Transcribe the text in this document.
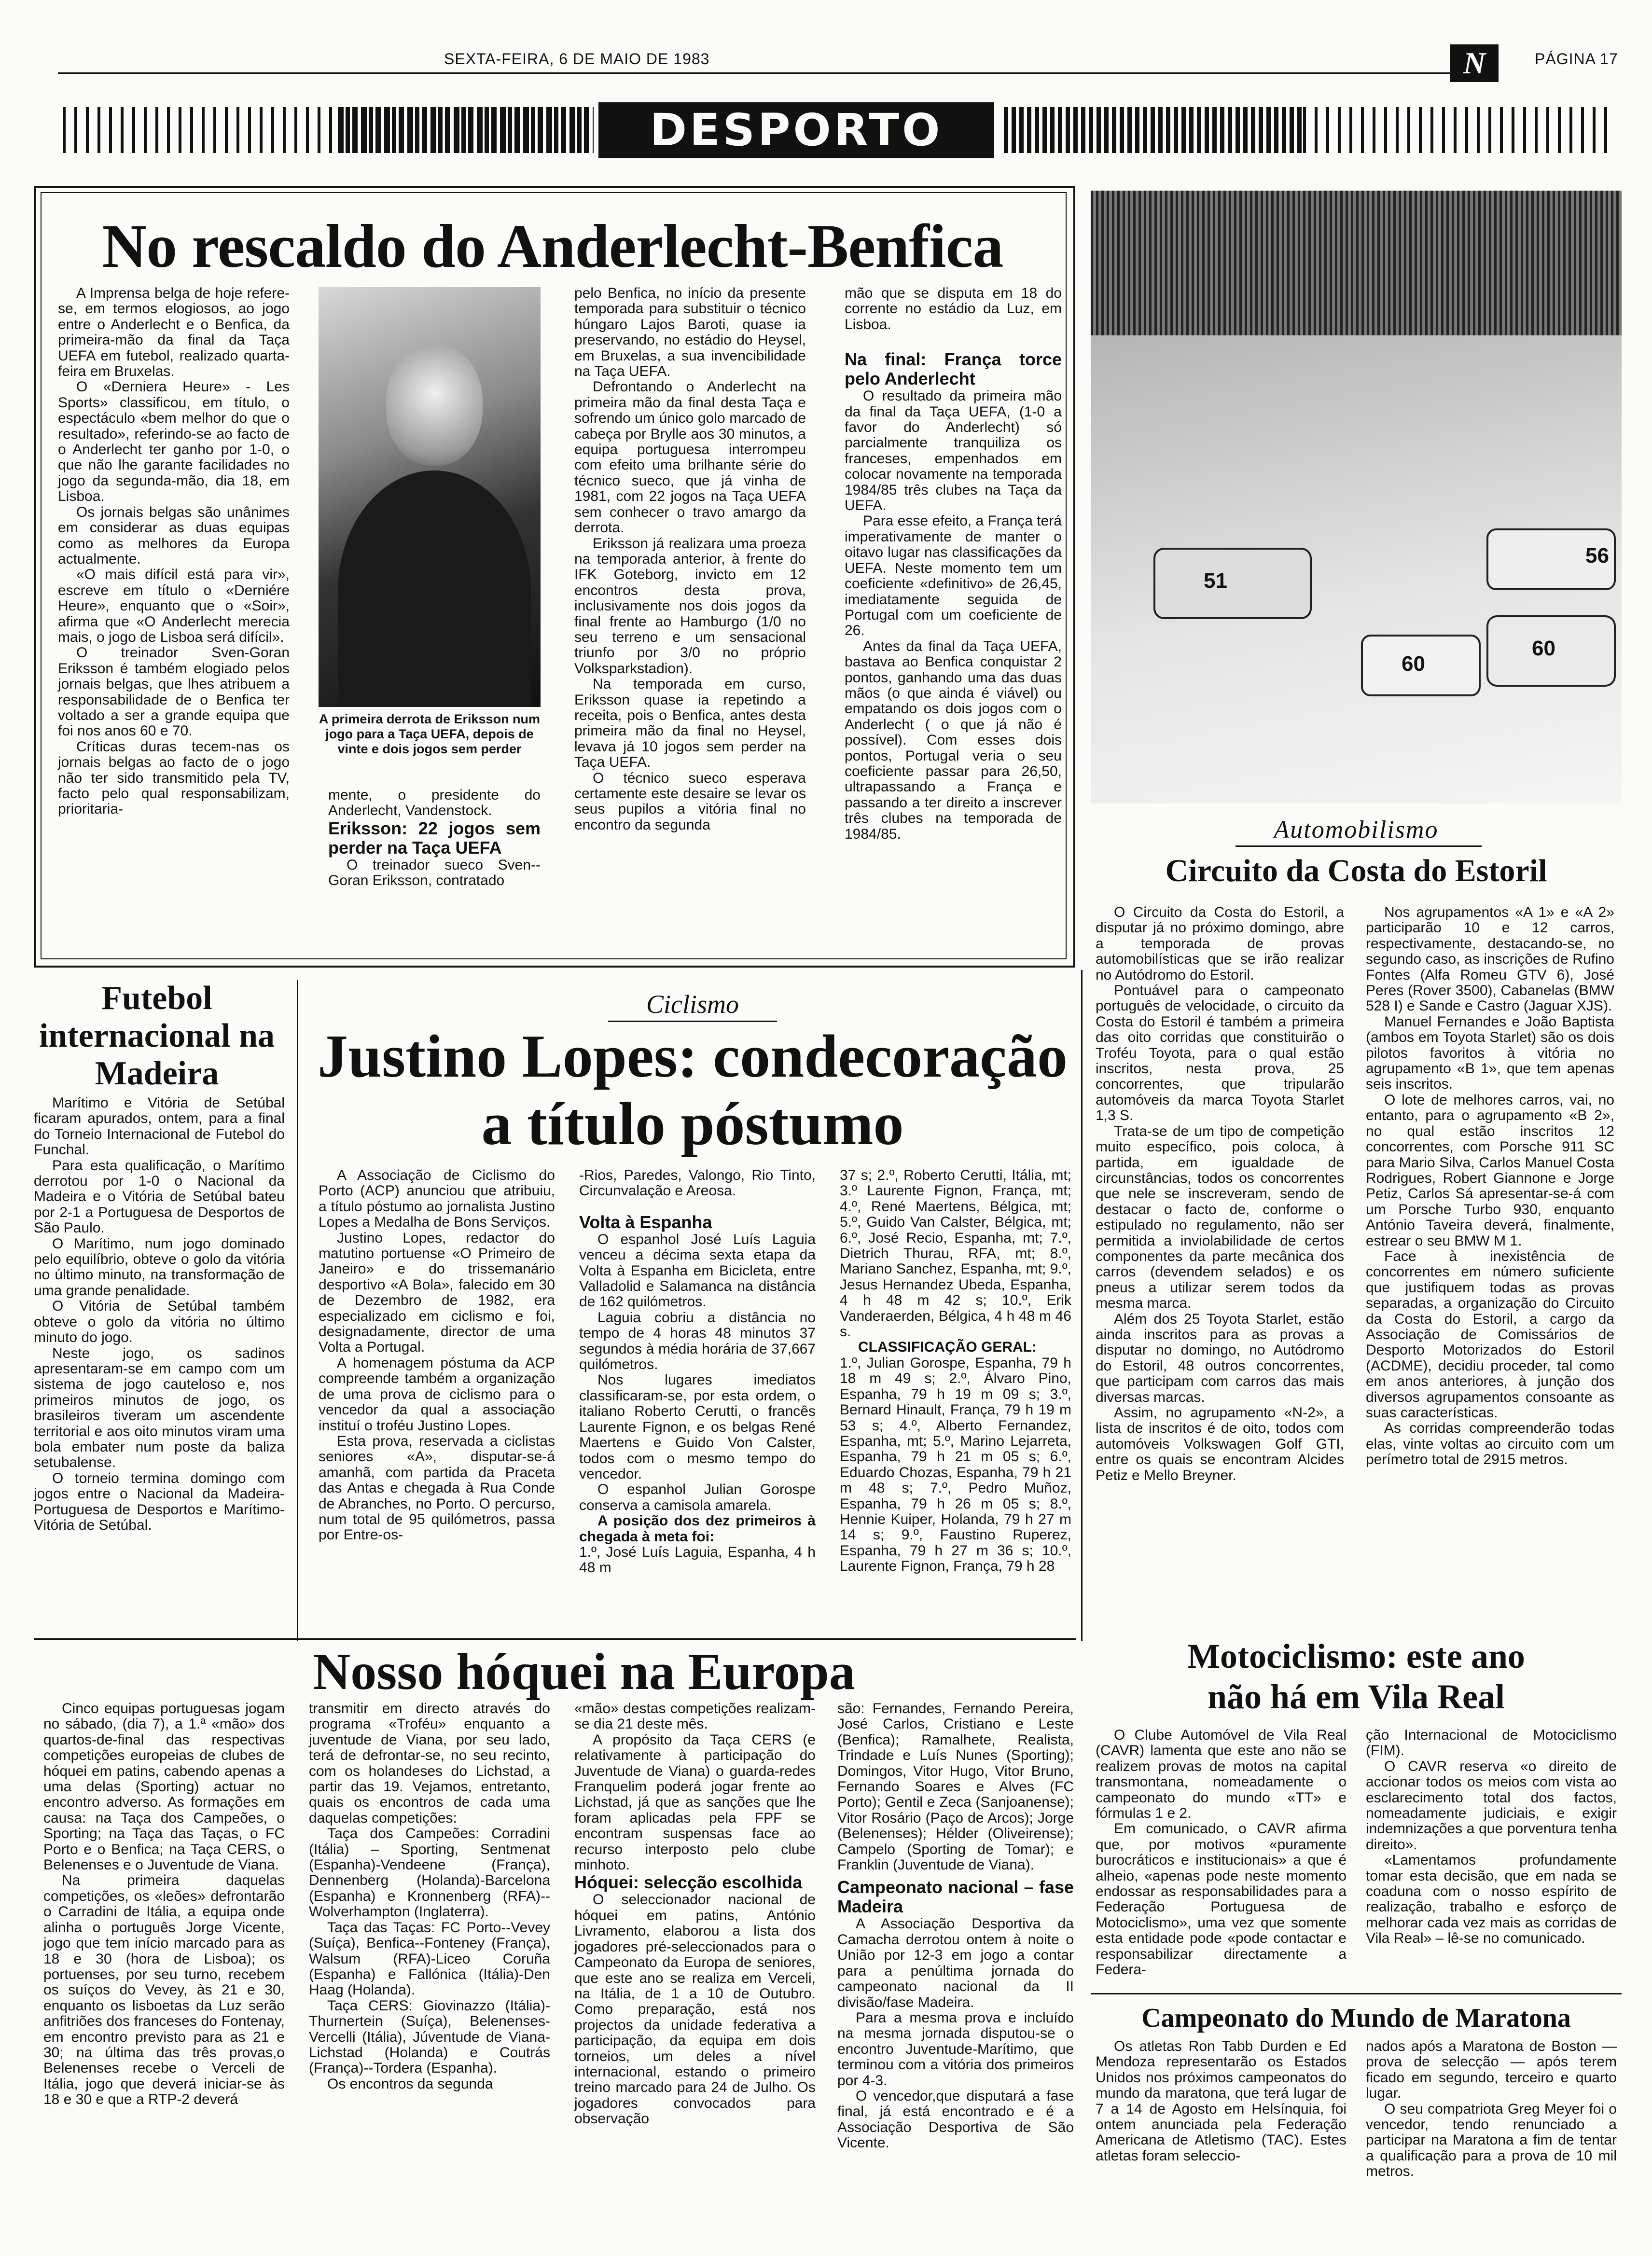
SEXTA-FEIRA, 6 DE MAIO DE 1983	N	PÁGINA 17
DESPORTO
No rescaldo do Anderlecht-Benfica

A Imprensa belga de hoje refere-se, em termos elogiosos, ao jogo entre o Anderlecht e o Benfica, da primeira-mão da final da Taça UEFA em futebol, realizado quarta-feira em Bruxelas.

O «Derniera Heure» - Les Sports» classificou, em título, o espectáculo «bem melhor do que o resultado», referindo-se ao facto de o Anderlecht ter ganho por 1-0, o que não lhe garante facilidades no jogo da segunda-mão, dia 18, em Lisboa.

Os jornais belgas são unânimes em considerar as duas equipas como as melhores da Europa actualmente.

«O mais difícil está para vir», escreve em título o «Derniére Heure», enquanto que o «Soir», afirma que «O Anderlecht merecia mais, o jogo de Lisboa será difícil».

O treinador Sven-Goran Eriksson é também elogiado pelos jornais belgas, que lhes atribuem a responsabilidade de o Benfica ter voltado a ser a grande equipa que foi nos anos 60 e 70.

Críticas duras tecem-nas os jornais belgas ao facto de o jogo não ter sido transmitido pela TV, facto pelo qual responsabilizam, prioritaria-

A primeira derrota de Eriksson num jogo para a Taça UEFA, depois de vinte e dois jogos sem perder

mente, o presidente do Anderlecht, Vandenstock.

Eriksson: 22 jogos sem perder na Taça UEFA

O treinador sueco Sven--Goran Eriksson, contratado

pelo Benfica, no início da presente temporada para substituir o técnico húngaro Lajos Baroti, quase ia preservando, no estádio do Heysel, em Bruxelas, a sua invencibilidade na Taça UEFA.

Defrontando o Anderlecht na primeira mão da final desta Taça e sofrendo um único golo marcado de cabeça por Brylle aos 30 minutos, a equipa portuguesa interrompeu com efeito uma brilhante série do técnico sueco, que já vinha de 1981, com 22 jogos na Taça UEFA sem conhecer o travo amargo da derrota.

Eriksson já realizara uma proeza na temporada anterior, à frente do IFK Goteborg, invicto em 12 encontros desta prova, inclusivamente nos dois jogos da final frente ao Hamburgo (1/0 no seu terreno e um sensacional triunfo por 3/0 no próprio Volksparkstadion).

Na temporada em curso, Eriksson quase ia repetindo a receita, pois o Benfica, antes desta primeira mão da final no Heysel, levava já 10 jogos sem perder na Taça UEFA.

O técnico sueco esperava certamente este desaire se levar os seus pupilos a vitória final no encontro da segunda

mão que se disputa em 18 do corrente no estádio da Luz, em Lisboa.

Na final: França torce pelo Anderlecht

O resultado da primeira mão da final da Taça UEFA, (1-0 a favor do Anderlecht) só parcialmente tranquiliza os franceses, empenhados em colocar novamente na temporada 1984/85 três clubes na Taça da UEFA.

Para esse efeito, a França terá imperativamente de manter o oitavo lugar nas classificações da UEFA. Neste momento tem um coeficiente «definitivo» de 26,45, imediatamente seguida de Portugal com um coeficiente de 26.

Antes da final da Taça UEFA, bastava ao Benfica conquistar 2 pontos, ganhando uma das duas mãos (o que ainda é viável) ou empatando os dois jogos com o Anderlecht ( o que já não é possível). Com esses dois pontos, Portugal veria o seu coeficiente passar para 26,50, ultrapassando a França e passando a ter direito a inscrever três clubes na temporada de 1984/85.

56
51
60
60
Automobilismo
Circuito da Costa do Estoril

O Circuito da Costa do Estoril, a disputar já no próximo domingo, abre a temporada de provas automobilísticas que se irão realizar no Autódromo do Estoril.

Pontuável para o campeonato português de velocidade, o circuito da Costa do Estoril é também a primeira das oito corridas que constituirão o Troféu Toyota, para o qual estão inscritos, nesta prova, 25 concorrentes, que tripularão automóveis da marca Toyota Starlet 1,3 S.

Trata-se de um tipo de competição muito específico, pois coloca, à partida, em igualdade de circunstâncias, todos os concorrentes que nele se inscreveram, sendo de destacar o facto de, conforme o estipulado no regulamento, não ser permitida a inviolabilidade de certos componentes da parte mecânica dos carros (devendem selados) e os pneus a utilizar serem todos da mesma marca.

Além dos 25 Toyota Starlet, estão ainda inscritos para as provas a disputar no domingo, no Autódromo do Estoril, 48 outros concorrentes, que participam com carros das mais diversas marcas.

Assim, no agrupamento «N-2», a lista de inscritos é de oito, todos com automóveis Volkswagen Golf GTI, entre os quais se encontram Alcides Petiz e Mello Breyner.

Nos agrupamentos «A 1» e «A 2» participarão 10 e 12 carros, respectivamente, destacando-se, no segundo caso, as inscrições de Rufino Fontes (Alfa Romeu GTV 6), José Peres (Rover 3500), Cabanelas (BMW 528 I) e Sande e Castro (Jaguar XJS).

Manuel Fernandes e João Baptista (ambos em Toyota Starlet) são os dois pilotos favoritos à vitória no agrupamento «B 1», que tem apenas seis inscritos.

O lote de melhores carros, vai, no entanto, para o agrupamento «B 2», no qual estão inscritos 12 concorrentes, com Porsche 911 SC para Mario Silva, Carlos Manuel Costa Rodrigues, Robert Giannone e Jorge Petiz, Carlos Sá apresentar-se-á com um Porsche Turbo 930, enquanto António Taveira deverá, finalmente, estrear o seu BMW M 1.

Face à inexistência de concorrentes em número suficiente que justifiquem todas as provas separadas, a organização do Circuito da Costa do Estoril, a cargo da Associação de Comissários de Desporto Motorizados do Estoril (ACDME), decidiu proceder, tal como em anos anteriores, à junção dos diversos agrupamentos consoante as suas características.

As corridas compreenderão todas elas, vinte voltas ao circuito com um perímetro total de 2915 metros.

Futebol internacional na Madeira

Marítimo e Vitória de Setúbal ficaram apurados, ontem, para a final do Torneio Internacional de Futebol do Funchal.

Para esta qualificação, o Marítimo derrotou por 1-0 o Nacional da Madeira e o Vitória de Setúbal bateu por 2-1 a Portuguesa de Desportos de São Paulo.

O Marítimo, num jogo dominado pelo equilíbrio, obteve o golo da vitória no último minuto, na transformação de uma grande penalidade.

O Vitória de Setúbal também obteve o golo da vitória no último minuto do jogo.

Neste jogo, os sadinos apresentaram-se em campo com um sistema de jogo cauteloso e, nos primeiros minutos de jogo, os brasileiros tiveram um ascendente territorial e aos oito minutos viram uma bola embater num poste da baliza setubalense.

O torneio termina domingo com jogos entre o Nacional da Madeira-Portuguesa de Desportos e Marítimo-Vitória de Setúbal.

Ciclismo
Justino Lopes: condecoração
a título póstumo

A Associação de Ciclismo do Porto (ACP) anunciou que atribuiu, a título póstumo ao jornalista Justino Lopes a Medalha de Bons Serviços.

Justino Lopes, redactor do matutino portuense «O Primeiro de Janeiro» e do trissemanário desportivo «A Bola», falecido em 30 de Dezembro de 1982, era especializado em ciclismo e foi, designadamente, director de uma Volta a Portugal.

A homenagem póstuma da ACP compreende também a organização de uma prova de ciclismo para o vencedor da qual a associação instituí o troféu Justino Lopes.

Esta prova, reservada a ciclistas seniores «A», disputar-se-á amanhã, com partida da Praceta das Antas e chegada à Rua Conde de Abranches, no Porto. O percurso, num total de 95 quilómetros, passa por Entre-os-

-Rios, Paredes, Valongo, Rio Tinto, Circunvalação e Areosa.

Volta à Espanha

O espanhol José Luís Laguia venceu a décima sexta etapa da Volta à Espanha em Bicicleta, entre Valladolid e Salamanca na distância de 162 quilómetros.

Laguia cobriu a distância no tempo de 4 horas 48 minutos 37 segundos à média horária de 37,667 quilómetros.

Nos lugares imediatos classificaram-se, por esta ordem, o italiano Roberto Cerutti, o francês Laurente Fignon, e os belgas René Maertens e Guido Von Calster, todos com o mesmo tempo do vencedor.

O espanhol Julian Gorospe conserva a camisola amarela.

A posição dos dez primeiros à chegada à meta foi:

1.º, José Luís Laguia, Espanha, 4 h 48 m

37 s; 2.º, Roberto Cerutti, Itália, mt; 3.º Laurente Fignon, França, mt; 4.º, René Maertens, Bélgica, mt; 5.º, Guido Van Calster, Bélgica, mt; 6.º, José Recio, Espanha, mt; 7.º, Dietrich Thurau, RFA, mt; 8.º, Mariano Sanchez, Espanha, mt; 9.º, Jesus Hernandez Ubeda, Espanha, 4 h 48 m 42 s; 10.º, Erik Vanderaerden, Bélgica, 4 h 48 m 46 s.

CLASSIFICAÇÃO GERAL:

1.º, Julian Gorospe, Espanha, 79 h 18 m 49 s; 2.º, Álvaro Pino, Espanha, 79 h 19 m 09 s; 3.º, Bernard Hinault, França, 79 h 19 m 53 s; 4.º, Alberto Fernandez, Espanha, mt; 5.º, Marino Lejarreta, Espanha, 79 h 21 m 05 s; 6.º, Eduardo Chozas, Espanha, 79 h 21 m 48 s; 7.º, Pedro Muñoz, Espanha, 79 h 26 m 05 s; 8.º, Hennie Kuiper, Holanda, 79 h 27 m 14 s; 9.º, Faustino Ruperez, Espanha, 79 h 27 m 36 s; 10.º, Laurente Fignon, França, 79 h 28

Nosso hóquei na Europa

Cinco equipas portuguesas jogam no sábado, (dia 7), a 1.ª «mão» dos quartos-de-final das respectivas competições europeias de clubes de hóquei em patins, cabendo apenas a uma delas (Sporting) actuar no encontro adverso. As formações em causa: na Taça dos Campeões, o Sporting; na Taça das Taças, o FC Porto e o Benfica; na Taça CERS, o Belenenses e o Juventude de Viana.

Na primeira daquelas competições, os «leões» defrontarão o Carradini de Itália, a equipa onde alinha o português Jorge Vicente, jogo que tem início marcado para as 18 e 30 (hora de Lisboa); os portuenses, por seu turno, recebem os suíços do Vevey, às 21 e 30, enquanto os lisboetas da Luz serão anfitriões dos franceses do Fontenay, em encontro previsto para as 21 e 30; na última das três provas,o Belenenses recebe o Verceli de Itália, jogo que deverá iniciar-se às 18 e 30 e que a RTP-2 deverá

transmitir em directo através do programa «Troféu» enquanto a juventude de Viana, por seu lado, terá de defrontar-se, no seu recinto, com os holandeses do Lichstad, a partir das 19. Vejamos, entretanto, quais os encontros de cada uma daquelas competições:

Taça dos Campeões: Corradini (Itália) – Sporting, Sentmenat (Espanha)-Vendeene (França), Dennenberg (Holanda)-Barcelona (Espanha) e Kronnenberg (RFA)--Wolverhampton (Inglaterra).

Taça das Taças: FC Porto--Vevey (Suíça), Benfica--Fonteney (França), Walsum (RFA)-Liceo Coruña (Espanha) e Fallónica (Itália)-Den Haag (Holanda).

Taça CERS: Giovinazzo (Itália)-Thurnertein (Suíça), Belenenses-Vercelli (Itália), Júventude de Viana-Lichstad (Holanda) e Coutrás (França)--Tordera (Espanha).

Os encontros da segunda

«mão» destas competições realizam-se dia 21 deste mês.

A propósito da Taça CERS (e relativamente à participação do Juventude de Viana) o guarda-redes Franquelim poderá jogar frente ao Lichstad, já que as sanções que lhe foram aplicadas pela FPF se encontram suspensas face ao recurso interposto pelo clube minhoto.

Hóquei: selecção escolhida

O seleccionador nacional de hóquei em patins, António Livramento, elaborou a lista dos jogadores pré-seleccionados para o Campeonato da Europa de seniores, que este ano se realiza em Verceli, na Itália, de 1 a 10 de Outubro. Como preparação, está nos projectos da unidade federativa a participação, da equipa em dois torneios, um deles a nível internacional, estando o primeiro treino marcado para 24 de Julho. Os jogadores convocados para observação

são: Fernandes, Fernando Pereira, José Carlos, Cristiano e Leste (Benfica); Ramalhete, Realista, Trindade e Luís Nunes (Sporting); Domingos, Vitor Hugo, Vitor Bruno, Fernando Soares e Alves (FC Porto); Gentil e Zeca (Sanjoanense); Vitor Rosário (Paço de Arcos); Jorge (Belenenses); Hélder (Oliveirense); Campelo (Sporting de Tomar); e Franklin (Juventude de Viana).

Campeonato nacional – fase Madeira

A Associação Desportiva da Camacha derrotou ontem à noite o União por 12-3 em jogo a contar para a penúltima jornada do campeonato nacional da II divisão/fase Madeira.

Para a mesma prova e incluído na mesma jornada disputou-se o encontro Juventude-Marítimo, que terminou com a vitória dos primeiros por 4-3.

O vencedor,que disputará a fase final, já está encontrado e é a Associação Desportiva de São Vicente.

Motociclismo: este ano
não há em Vila Real

O Clube Automóvel de Vila Real (CAVR) lamenta que este ano não se realizem provas de motos na capital transmontana, nomeadamente o campeonato do mundo «TT» e fórmulas 1 e 2.

Em comunicado, o CAVR afirma que, por motivos «puramente burocráticos e institucionais» a que é alheio, «apenas pode neste momento endossar as responsabilidades para a Federação Portuguesa de Motociclismo», uma vez que somente esta entidade pode «pode contactar e responsabilizar directamente a Federa-

ção Internacional de Motociclismo (FIM).

O CAVR reserva «o direito de accionar todos os meios com vista ao esclarecimento total dos factos, nomeadamente judiciais, e exigir indemnizações a que porventura tenha direito».

«Lamentamos profundamente tomar esta decisão, que em nada se coaduna com o nosso espírito de realização, trabalho e esforço de melhorar cada vez mais as corridas de Vila Real» – lê-se no comunicado.

Campeonato do Mundo de Maratona

Os atletas Ron Tabb Durden e Ed Mendoza representarão os Estados Unidos nos próximos campeonatos do mundo da maratona, que terá lugar de 7 a 14 de Agosto em Helsínquia, foi ontem anunciada pela Federação Americana de Atletismo (TAC). Estes atletas foram seleccio-

nados após a Maratona de Boston — prova de selecção — após terem ficado em segundo, terceiro e quarto lugar.

O seu compatriota Greg Meyer foi o vencedor, tendo renunciado a participar na Maratona a fim de tentar a qualificação para a prova de 10 mil metros.
